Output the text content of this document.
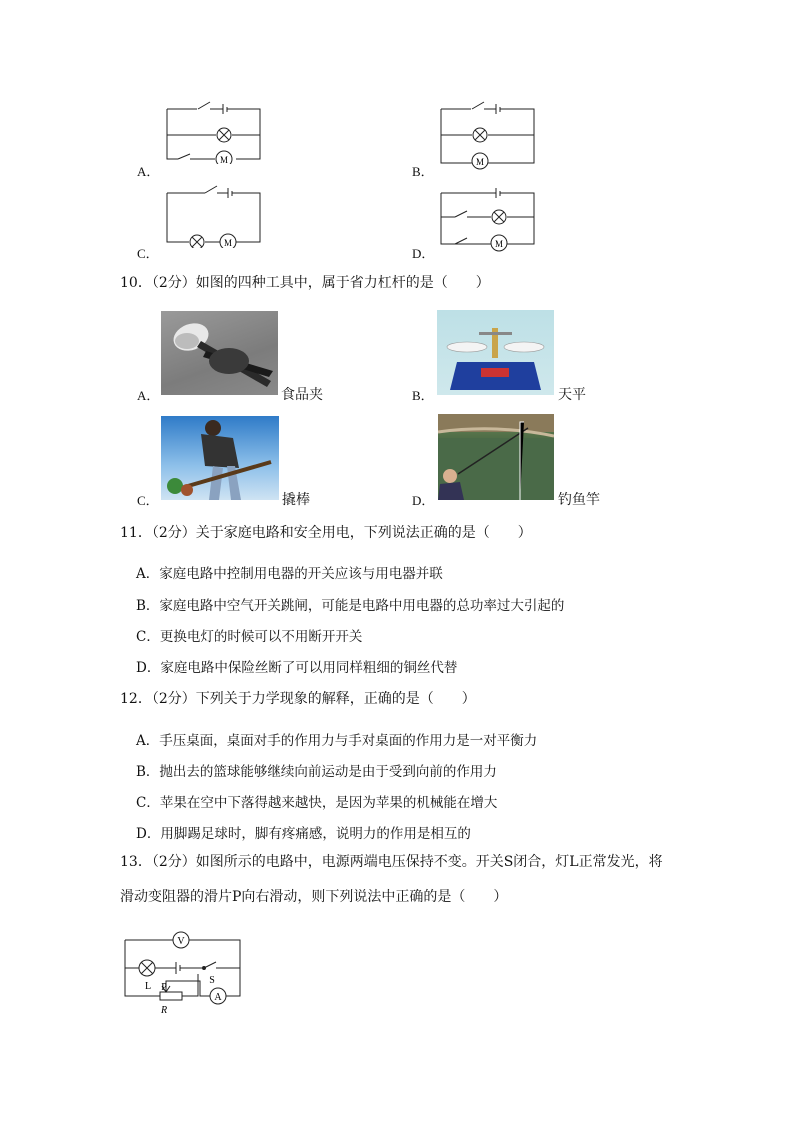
A．
M
B．
M
C．
M
D．
M
10．（2分）如图的四种工具中，属于省力杠杆的是（　　）
A．	食品夹	B．	天平
C．	撬棒	D．	钓鱼竿
11．（2分）关于家庭电路和安全用电，下列说法正确的是（　　）
A．家庭电路中控制用电器的开关应该与用电器并联
B．家庭电路中空气开关跳闸，可能是电路中用电器的总功率过大引起的
C．更换电灯的时候可以不用断开开关
D．家庭电路中保险丝断了可以用同样粗细的铜丝代替
12．（2分）下列关于力学现象的解释，正确的是（　　）
A．手压桌面，桌面对手的作用力与手对桌面的作用力是一对平衡力
B．抛出去的篮球能够继续向前运动是由于受到向前的作用力
C．苹果在空中下落得越来越快，是因为苹果的机械能在增大
D．用脚踢足球时，脚有疼痛感，说明力的作用是相互的
13．（2分）如图所示的电路中，电源两端电压保持不变。开关S闭合，灯L正常发光，将
滑动变阻器的滑片P向右滑动，则下列说法中正确的是（　　）
V
A
S
L P
R
